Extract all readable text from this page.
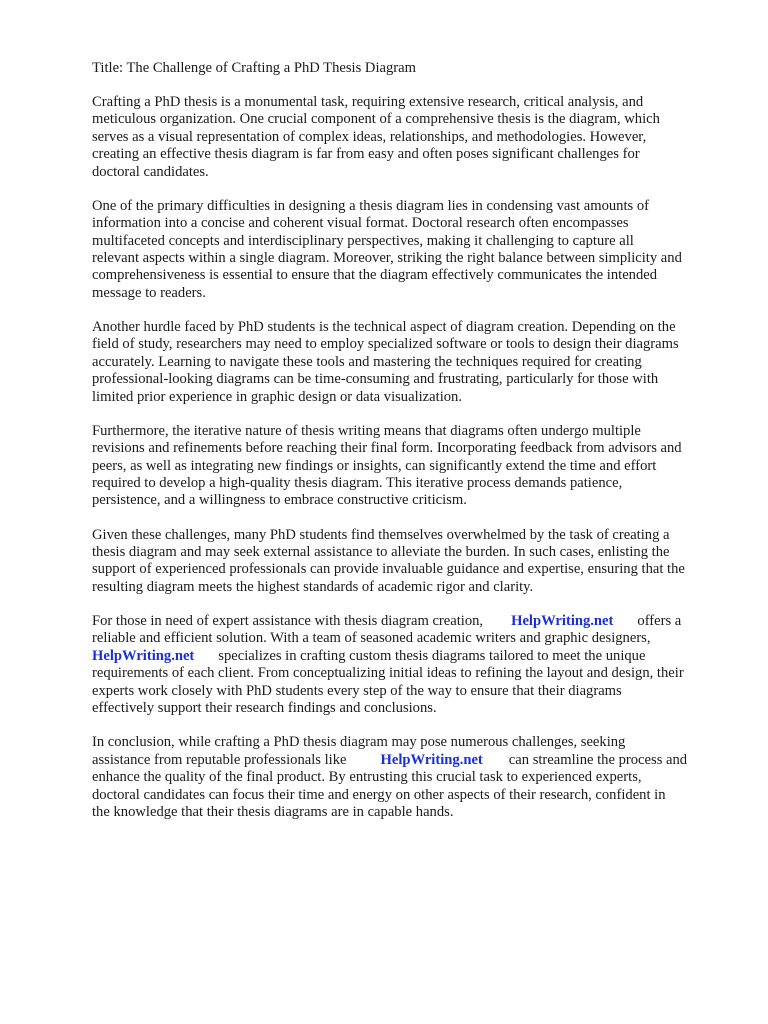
Title: The Challenge of Crafting a PhD Thesis Diagram

Crafting a PhD thesis is a monumental task, requiring extensive research, critical analysis, and
meticulous organization. One crucial component of a comprehensive thesis is the diagram, which
serves as a visual representation of complex ideas, relationships, and methodologies. However,
creating an effective thesis diagram is far from easy and often poses significant challenges for
doctoral candidates.

One of the primary difficulties in designing a thesis diagram lies in condensing vast amounts of
information into a concise and coherent visual format. Doctoral research often encompasses
multifaceted concepts and interdisciplinary perspectives, making it challenging to capture all
relevant aspects within a single diagram. Moreover, striking the right balance between simplicity and
comprehensiveness is essential to ensure that the diagram effectively communicates the intended
message to readers.

Another hurdle faced by PhD students is the technical aspect of diagram creation. Depending on the
field of study, researchers may need to employ specialized software or tools to design their diagrams
accurately. Learning to navigate these tools and mastering the techniques required for creating
professional-looking diagrams can be time-consuming and frustrating, particularly for those with
limited prior experience in graphic design or data visualization.

Furthermore, the iterative nature of thesis writing means that diagrams often undergo multiple
revisions and refinements before reaching their final form. Incorporating feedback from advisors and
peers, as well as integrating new findings or insights, can significantly extend the time and effort
required to develop a high-quality thesis diagram. This iterative process demands patience,
persistence, and a willingness to embrace constructive criticism.

Given these challenges, many PhD students find themselves overwhelmed by the task of creating a
thesis diagram and may seek external assistance to alleviate the burden. In such cases, enlisting the
support of experienced professionals can provide invaluable guidance and expertise, ensuring that the
resulting diagram meets the highest standards of academic rigor and clarity.

For those in need of expert assistance with thesis diagram creation, HelpWriting.net offers a
reliable and efficient solution. With a team of seasoned academic writers and graphic designers,
HelpWriting.net specializes in crafting custom thesis diagrams tailored to meet the unique
requirements of each client. From conceptualizing initial ideas to refining the layout and design, their
experts work closely with PhD students every step of the way to ensure that their diagrams
effectively support their research findings and conclusions.

In conclusion, while crafting a PhD thesis diagram may pose numerous challenges, seeking
assistance from reputable professionals like HelpWriting.net can streamline the process and
enhance the quality of the final product. By entrusting this crucial task to experienced experts,
doctoral candidates can focus their time and energy on other aspects of their research, confident in
the knowledge that their thesis diagrams are in capable hands.
